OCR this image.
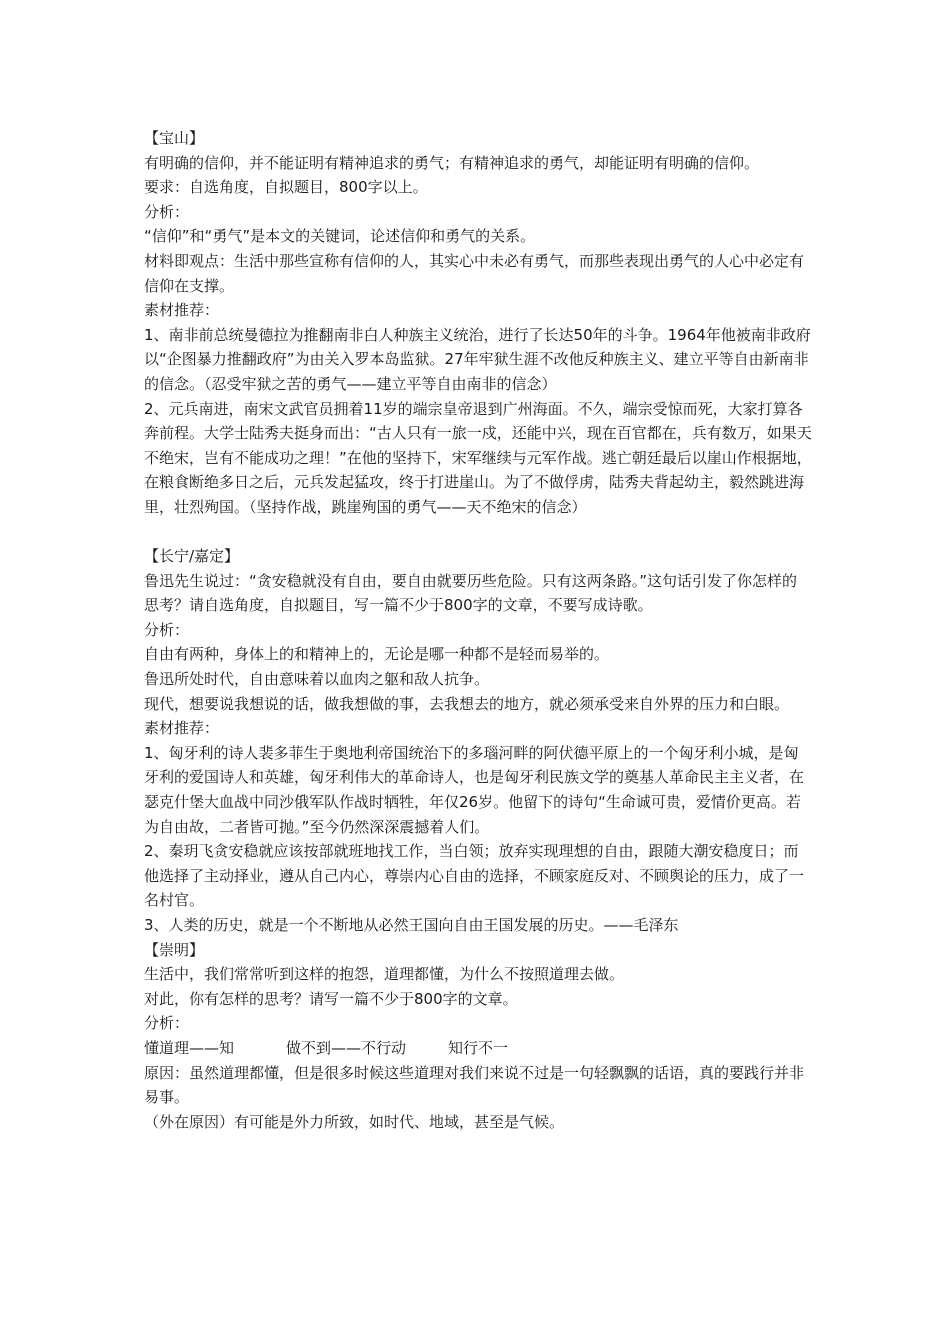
【宝山】

有明确的信仰，并不能证明有精神追求的勇气；有精神追求的勇气，却能证明有明确的信仰。

要求：自选角度，自拟题目，800字以上。

分析：

“信仰”和“勇气”是本文的关键词，论述信仰和勇气的关系。

材料即观点：生活中那些宣称有信仰的人，其实心中未必有勇气，而那些表现出勇气的人心中必定有信仰在支撑。

素材推荐：

1、南非前总统曼德拉为推翻南非白人种族主义统治，进行了长达50年的斗争。1964年他被南非政府以“企图暴力推翻政府”为由关入罗本岛监狱。27年牢狱生涯不改他反种族主义、建立平等自由新南非的信念。（忍受牢狱之苦的勇气——建立平等自由南非的信念）

2、元兵南进，南宋文武官员拥着11岁的端宗皇帝退到广州海面。不久，端宗受惊而死，大家打算各奔前程。大学士陆秀夫挺身而出：“古人只有一旅一戍，还能中兴，现在百官都在，兵有数万，如果天不绝宋，岂有不能成功之理！”在他的坚持下，宋军继续与元军作战。逃亡朝廷最后以崖山作根据地，在粮食断绝多日之后，元兵发起猛攻，终于打进崖山。为了不做俘虏，陆秀夫背起幼主，毅然跳进海里，壮烈殉国。（坚持作战，跳崖殉国的勇气——天不绝宋的信念）

【长宁/嘉定】

鲁迅先生说过：“贪安稳就没有自由，要自由就要历些危险。只有这两条路。”这句话引发了你怎样的思考？请自选角度，自拟题目，写一篇不少于800字的文章，不要写成诗歌。

分析：

自由有两种，身体上的和精神上的，无论是哪一种都不是轻而易举的。

鲁迅所处时代，自由意味着以血肉之躯和敌人抗争。

现代，想要说我想说的话，做我想做的事，去我想去的地方，就必须承受来自外界的压力和白眼。

素材推荐：

1、匈牙利的诗人裴多菲生于奥地利帝国统治下的多瑙河畔的阿伏德平原上的一个匈牙利小城，是匈牙利的爱国诗人和英雄，匈牙利伟大的革命诗人，也是匈牙利民族文学的奠基人革命民主主义者，在瑟克什堡大血战中同沙俄军队作战时牺牲，年仅26岁。他留下的诗句“生命诚可贵，爱情价更高。若为自由故，二者皆可抛。”至今仍然深深震撼着人们。

2、秦玥飞贪安稳就应该按部就班地找工作，当白领；放弃实现理想的自由，跟随大潮安稳度日；而他选择了主动择业，遵从自己内心，尊崇内心自由的选择，不顾家庭反对、不顾舆论的压力，成了一名村官。

3、人类的历史，就是一个不断地从必然王国向自由王国发展的历史。——毛泽东

【崇明】

生活中，我们常常听到这样的抱怨，道理都懂，为什么不按照道理去做。

对此，你有怎样的思考？请写一篇不少于800字的文章。

分析：

懂道理——知	做不到——不行动	知行不一

原因：虽然道理都懂，但是很多时候这些道理对我们来说不过是一句轻飘飘的话语，真的要践行并非易事。

（外在原因）有可能是外力所致，如时代、地域，甚至是气候。
